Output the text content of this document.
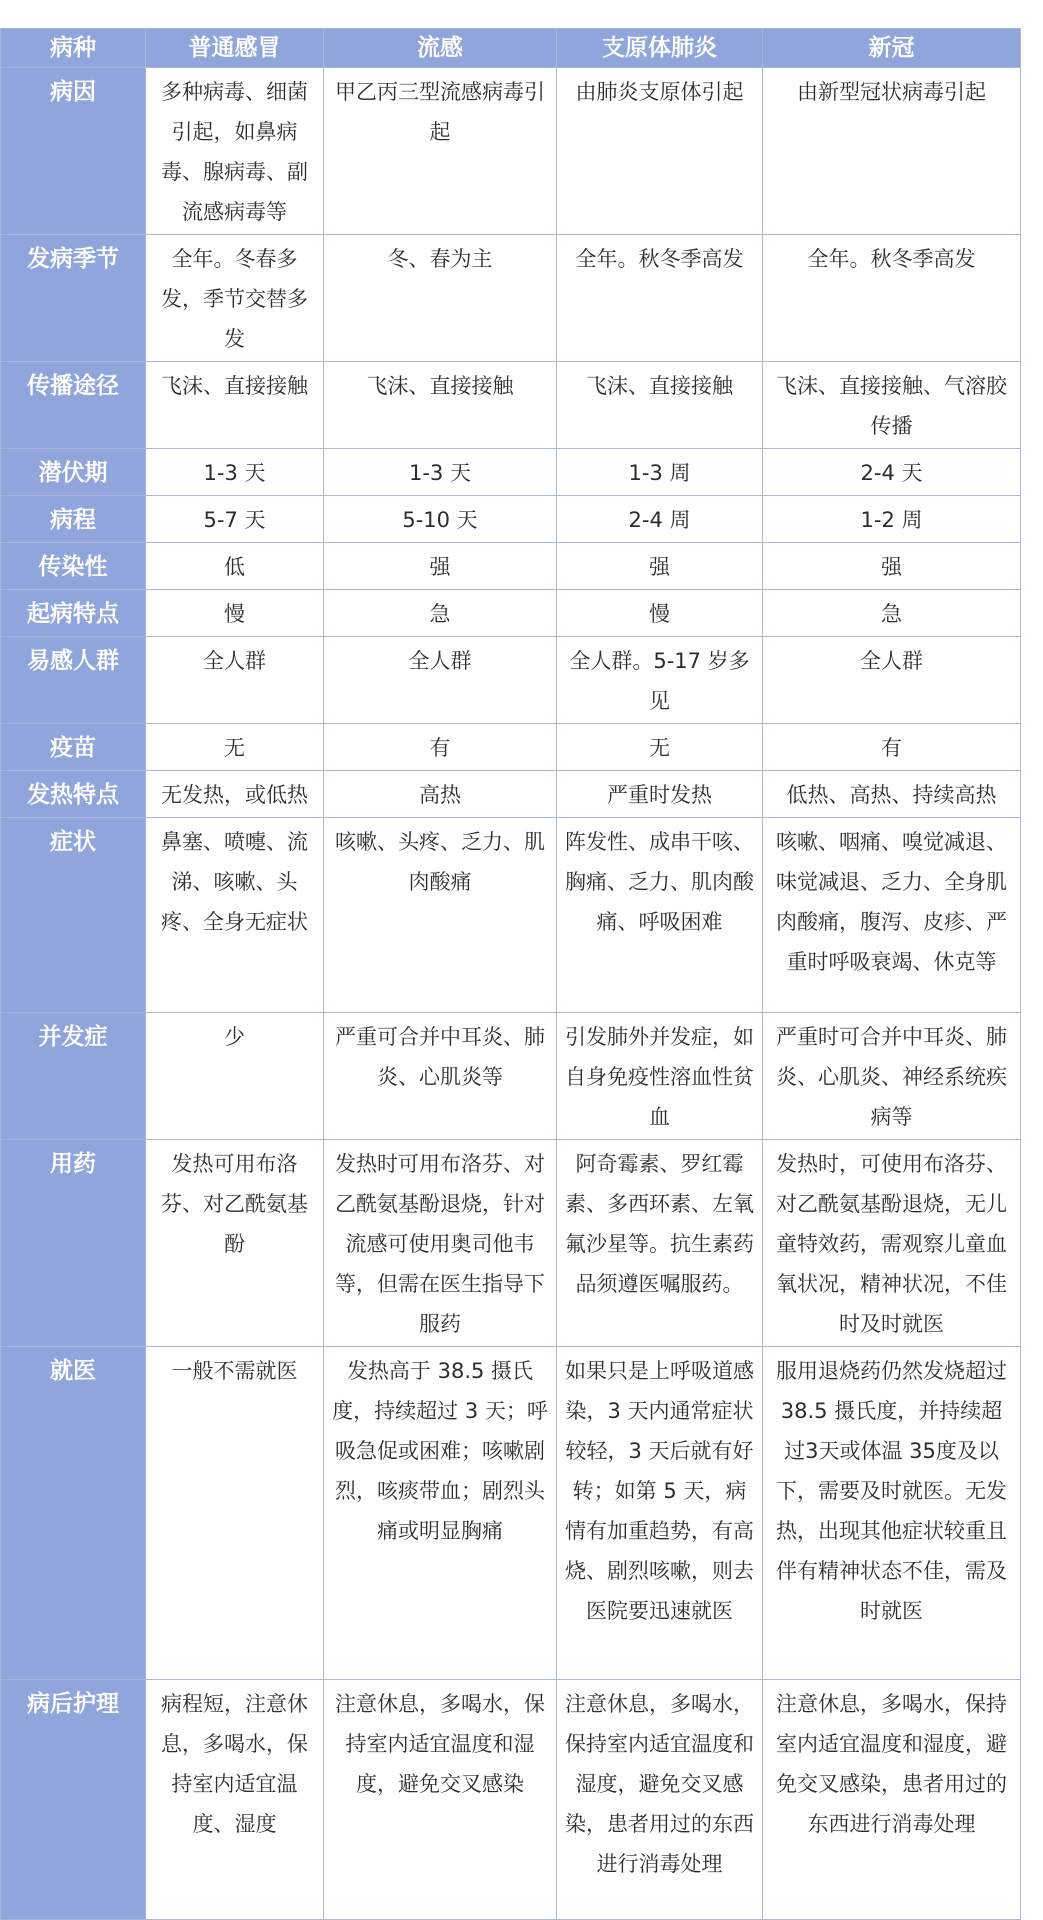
病种	普通感冒	流感	支原体肺炎	新冠
病因	多种病毒、细菌引起，如鼻病毒、腺病毒、副流感病毒等	甲乙丙三型流感病毒引起	由肺炎支原体引起	由新型冠状病毒引起
发病季节	全年。冬春多发，季节交替多发	冬、春为主	全年。秋冬季高发	全年。秋冬季高发
传播途径	飞沫、直接接触	飞沫、直接接触	飞沫、直接接触	飞沫、直接接触、气溶胶传播
潜伏期	1-3 天	1-3 天	1-3 周	2-4 天
病程	5-7 天	5-10 天	2-4 周	1-2 周
传染性	低	强	强	强
起病特点	慢	急	慢	急
易感人群	全人群	全人群	全人群。5-17 岁多见	全人群
疫苗	无	有	无	有
发热特点	无发热，或低热	高热	严重时发热	低热、高热、持续高热
症状	鼻塞、喷嚏、流涕、咳嗽、头疼、全身无症状	咳嗽、头疼、乏力、肌肉酸痛	阵发性、成串干咳、胸痛、乏力、肌肉酸痛、呼吸困难	咳嗽、咽痛、嗅觉减退、味觉减退、乏力、全身肌肉酸痛，腹泻、皮疹、严重时呼吸衰竭、休克等
并发症	少	严重可合并中耳炎、肺炎、心肌炎等	引发肺外并发症，如自身免疫性溶血性贫血	严重时可合并中耳炎、肺炎、心肌炎、神经系统疾病等
用药	发热可用布洛芬、对乙酰氨基酚	发热时可用布洛芬、对乙酰氨基酚退烧，针对流感可使用奥司他韦等，但需在医生指导下服药	阿奇霉素、罗红霉素、多西环素、左氧氟沙星等。抗生素药品须遵医嘱服药。	发热时，可使用布洛芬、对乙酰氨基酚退烧，无儿童特效药，需观察儿童血氧状况，精神状况，不佳时及时就医
就医	一般不需就医	发热高于 38.5 摄氏度，持续超过 3 天；呼吸急促或困难；咳嗽剧烈，咳痰带血；剧烈头痛或明显胸痛	如果只是上呼吸道感染，3 天内通常症状较轻，3 天后就有好转；如第 5 天，病情有加重趋势，有高烧、剧烈咳嗽，则去医院要迅速就医	服用退烧药仍然发烧超过 38.5 摄氏度，并持续超过3天或体温 35度及以下，需要及时就医。无发热，出现其他症状较重且伴有精神状态不佳，需及时就医
病后护理	病程短，注意休息，多喝水，保持室内适宜温度、湿度	注意休息，多喝水，保持室内适宜温度和湿度，避免交叉感染	注意休息，多喝水，保持室内适宜温度和湿度，避免交叉感染，患者用过的东西进行消毒处理	注意休息，多喝水，保持室内适宜温度和湿度，避免交叉感染，患者用过的东西进行消毒处理
